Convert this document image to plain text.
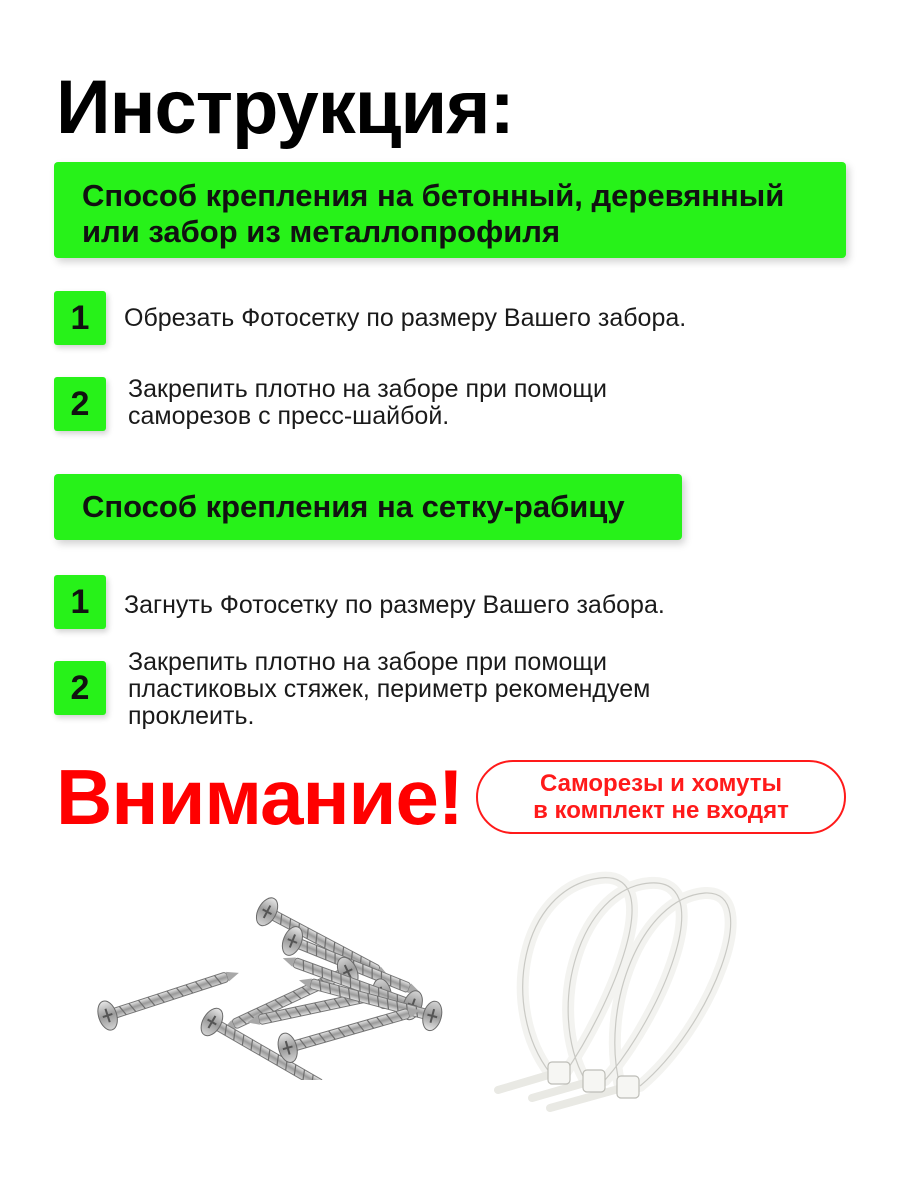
Инструкция:
Способ крепления на бетонный, деревянный
или забор из металлопрофиля
1	Обрезать Фотосетку по размеру Вашего забора.
2	Закрепить плотно на заборе при помощи
саморезов с пресс-шайбой.
Способ крепления на сетку-рабицу
1	Загнуть Фотосетку по размеру Вашего забора.
2
Закрепить плотно на заборе при помощи
пластиковых стяжек, периметр рекомендуем
проклеить.
Внимание!	Саморезы и хомуты
в комплект не входят
